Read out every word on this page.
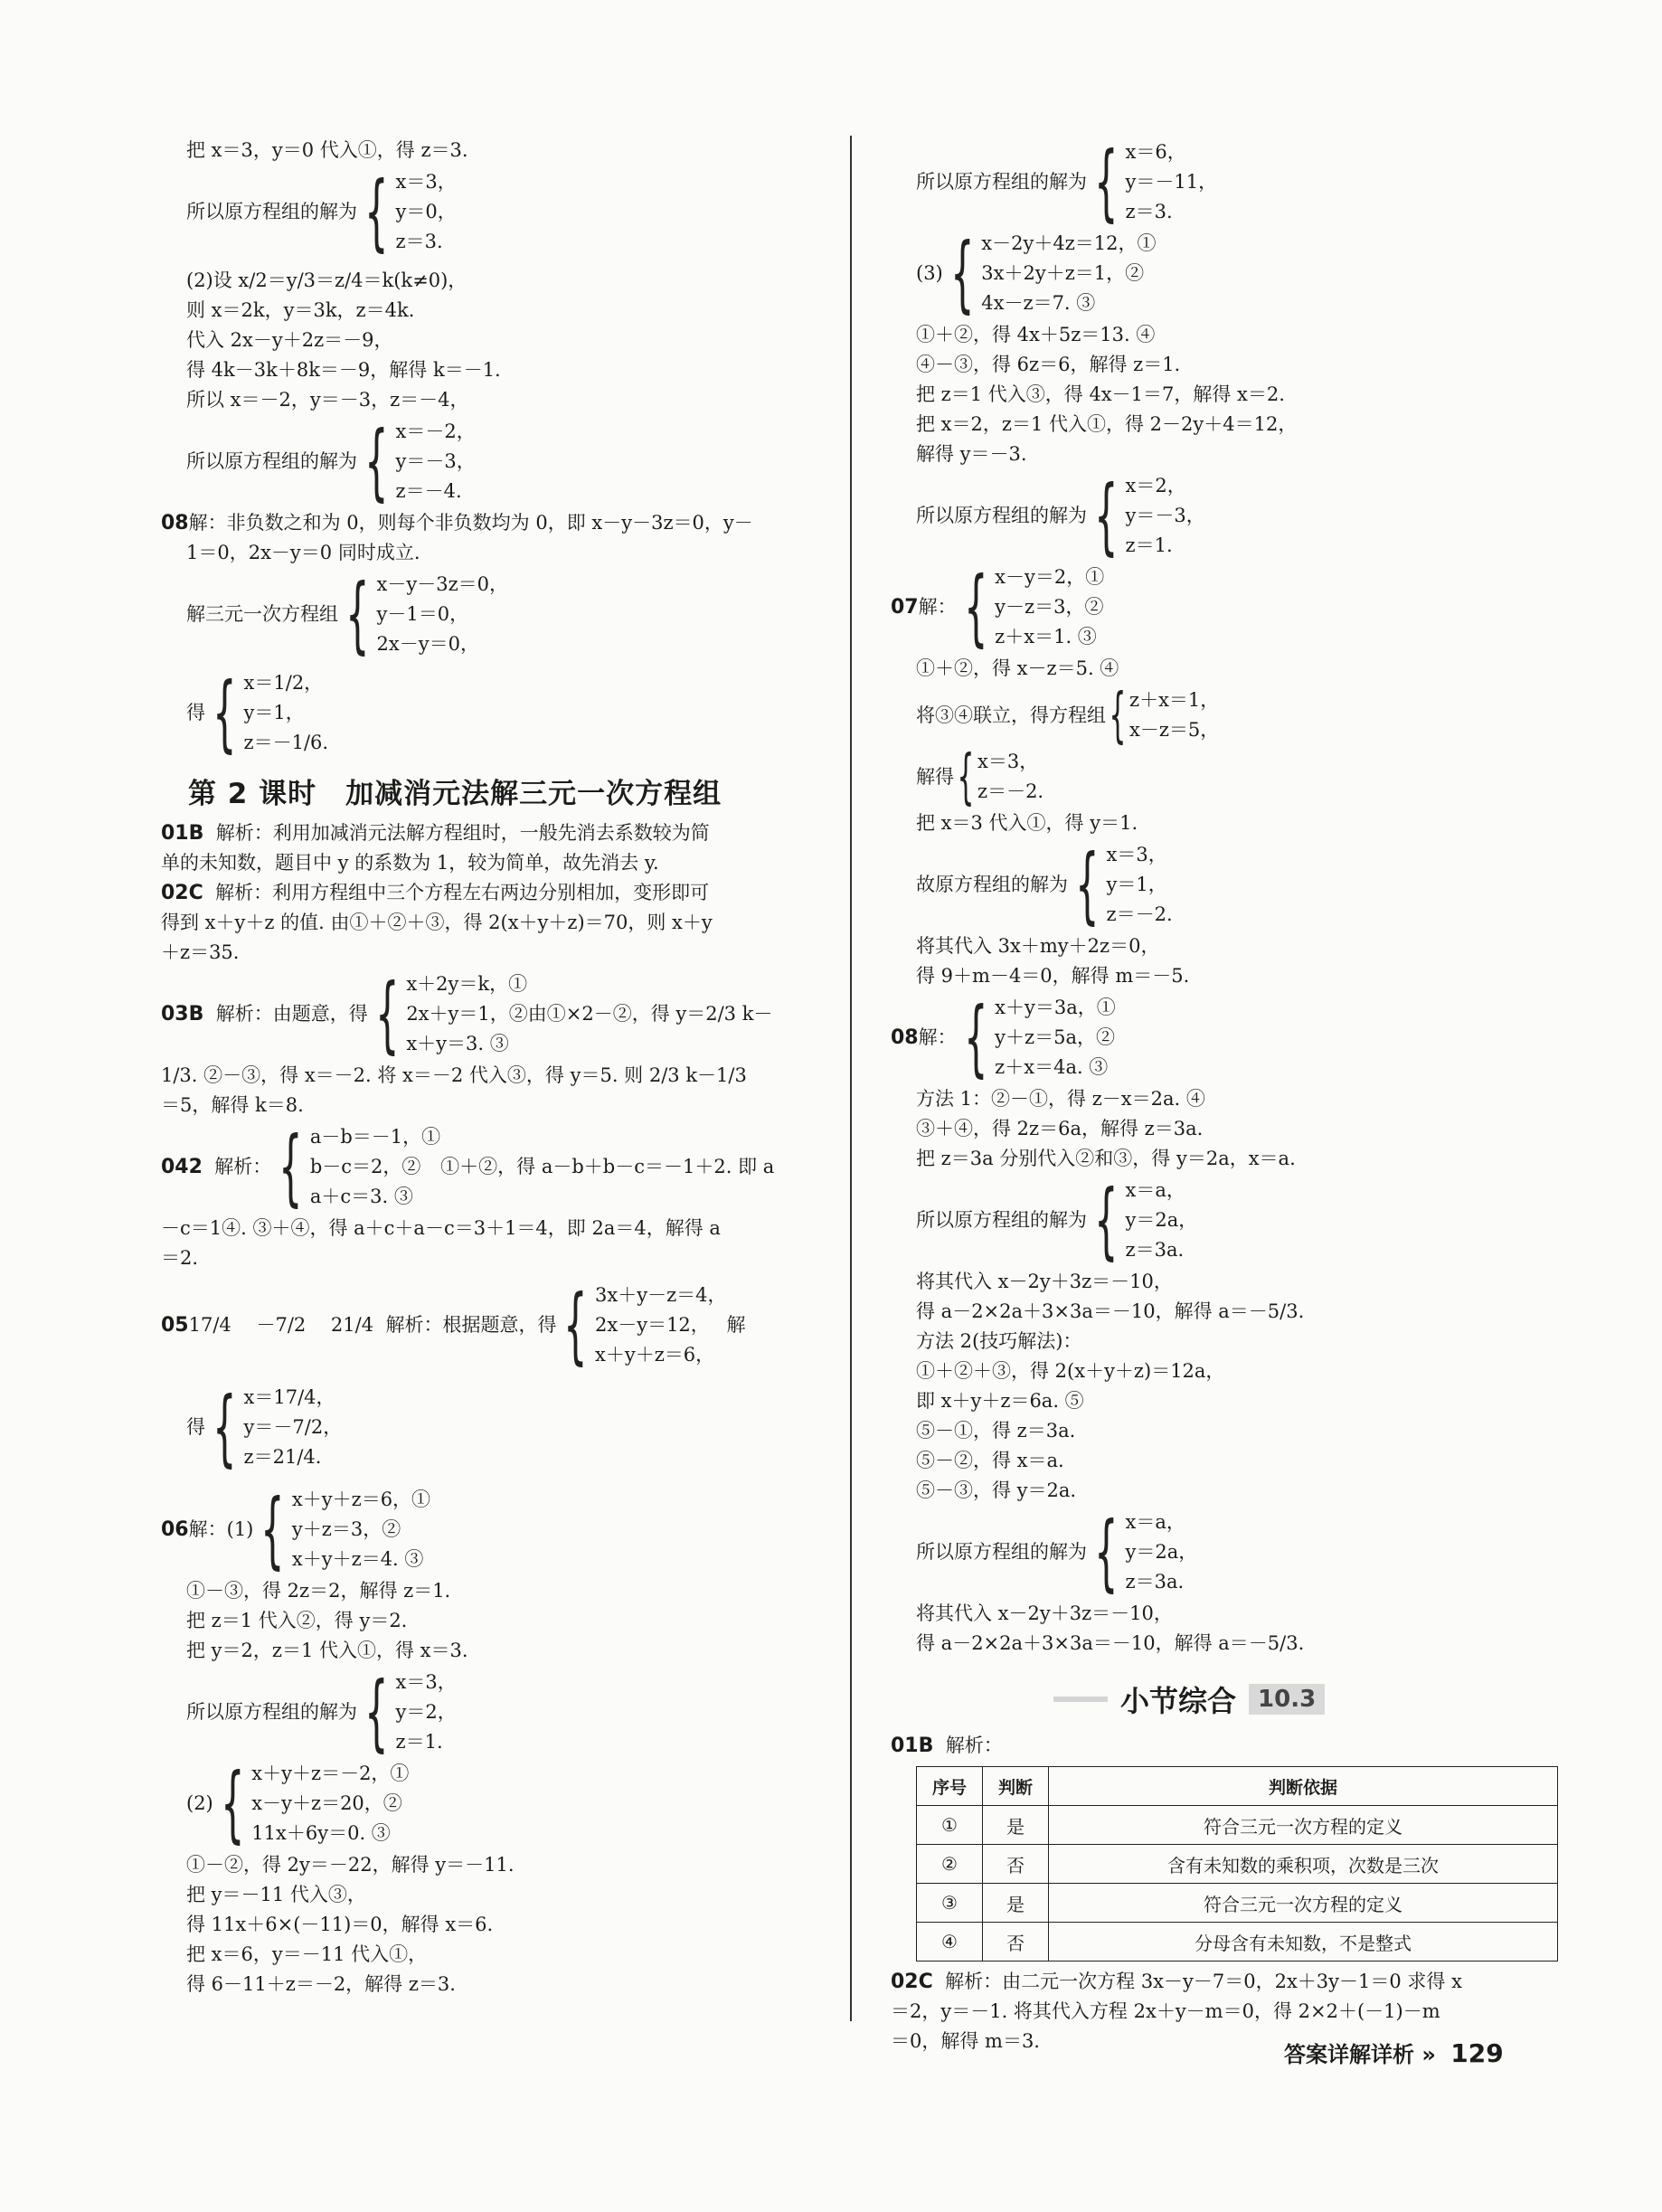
把 x＝3，y＝0 代入①，得 z＝3.
所以原方程组的解为 { x＝3，
y＝0，
z＝3.
(2)设 x/2＝y/3＝z/4＝k(k≠0)，
则 x＝2k，y＝3k，z＝4k.
代入 2x－y＋2z＝－9，
得 4k－3k＋8k＝－9，解得 k＝－1.
所以 x＝－2，y＝－3，z＝－4，
所以原方程组的解为 { x＝－2，
y＝－3，
z＝－4.
08解：非负数之和为 0，则每个非负数均为 0，即 x－y－3z＝0，y－
1＝0，2x－y＝0 同时成立.
解三元一次方程组 { x－y－3z＝0，
y－1＝0，
2x－y＝0，
得 { x＝1/2，
y＝1，
z＝－1/6.
第 2 课时　加减消元法解三元一次方程组
01B 解析：利用加减消元法解方程组时，一般先消去系数较为简
单的未知数，题目中 y 的系数为 1，较为简单，故先消去 y.
02C 解析：利用方程组中三个方程左右两边分别相加，变形即可
得到 x＋y＋z 的值. 由①＋②＋③，得 2(x＋y＋z)＝70，则 x＋y
＋z＝35.
03 B
解析：由题意，得 { x＋2y＝k，①
2x＋y＝1，②
x＋y＝3. ③
由①×2－②，得 y＝2/3 k－
1/3. ②－③，得 x＝－2. 将 x＝－2 代入③，得 y＝5. 则 2/3 k－1/3
＝5，解得 k＝8.
04 2
解析： { a－b＝－1，①
b－c＝2，②
a＋c＝3. ③
①＋②，得 a－b＋b－c＝－1＋2. 即 a
－c＝1④. ③＋④，得 a＋c＋a－c＝3＋1＝4，即 2a＝4，解得 a
＝2.
05 17/4　 －7/2　 21/4
解析：根据题意，得 { 3x＋y－z＝4，
2x－y＝12，
x＋y＋z＝6，
解
得 { x＝17/4，
y＝－7/2，
z＝21/4.
06 解：(1) { x＋y＋z＝6，①
y＋z＝3，②
x＋y＋z＝4. ③
①－③，得 2z＝2，解得 z＝1.
把 z＝1 代入②，得 y＝2.
把 y＝2，z＝1 代入①，得 x＝3.
所以原方程组的解为 { x＝3，
y＝2，
z＝1.
(2) { x＋y＋z＝－2，①
x－y＋z＝20，②
11x＋6y＝0. ③
①－②，得 2y＝－22，解得 y＝－11.
把 y＝－11 代入③，
得 11x＋6×(－11)＝0，解得 x＝6.
把 x＝6，y＝－11 代入①，
得 6－11＋z＝－2，解得 z＝3.
所以原方程组的解为 { x＝6，
y＝－11，
z＝3.
(3) { x－2y＋4z＝12，①
3x＋2y＋z＝1，②
4x－z＝7. ③
①＋②，得 4x＋5z＝13. ④
④－③，得 6z＝6，解得 z＝1.
把 z＝1 代入③，得 4x－1＝7，解得 x＝2.
把 x＝2，z＝1 代入①，得 2－2y＋4＝12，
解得 y＝－3.
所以原方程组的解为 { x＝2，
y＝－3，
z＝1.
07 解： { x－y＝2，①
y－z＝3，②
z＋x＝1. ③
①＋②，得 x－z＝5. ④
将③④联立，得方程组 { z＋x＝1，
x－z＝5，
解得 { x＝3，
z＝－2.
把 x＝3 代入①，得 y＝1.
故原方程组的解为 { x＝3，
y＝1，
z＝－2.
将其代入 3x＋my＋2z＝0，
得 9＋m－4＝0，解得 m＝－5.
08 解： { x＋y＝3a，①
y＋z＝5a，②
z＋x＝4a. ③
方法 1：②－①，得 z－x＝2a. ④
③＋④，得 2z＝6a，解得 z＝3a.
把 z＝3a 分别代入②和③，得 y＝2a，x＝a.
所以原方程组的解为 { x＝a，
y＝2a，
z＝3a.
将其代入 x－2y＋3z＝－10，
得 a－2×2a＋3×3a＝－10，解得 a＝－5/3.
方法 2(技巧解法)：
①＋②＋③，得 2(x＋y＋z)＝12a，
即 x＋y＋z＝6a. ⑤
⑤－①，得 z＝3a.
⑤－②，得 x＝a.
⑤－③，得 y＝2a.
所以原方程组的解为 { x＝a，
y＝2a，
z＝3a.
将其代入 x－2y＋3z＝－10，
得 a－2×2a＋3×3a＝－10，解得 a＝－5/3.
小节综合 10.3
01B 解析：
序号	判断	判断依据
①	是	符合三元一次方程的定义
②	否	含有未知数的乘积项，次数是三次
③	是	符合三元一次方程的定义
④	否	分母含有未知数，不是整式
02C 解析：由二元一次方程 3x－y－7＝0，2x＋3y－1＝0 求得 x
＝2，y＝－1. 将其代入方程 2x＋y－m＝0，得 2×2＋(－1)－m
＝0，解得 m＝3.
答案详解详析 » 129
